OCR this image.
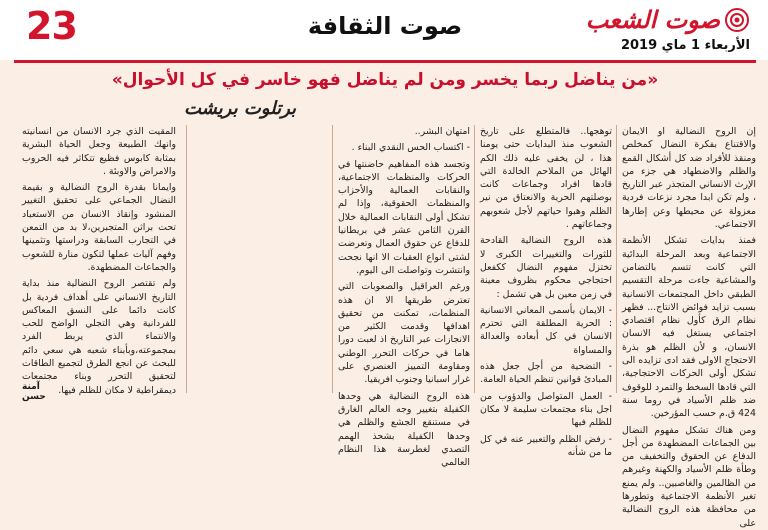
23	صوت الثقافة	صوت الشعب
الأربعاء 1 ماي 2019
«من يناضل ربما يخسر ومن لم يناضل فهو خاسر في كل الأحوال»
برتلوت بريشت

إن الروح النضالية او الايمان والاقتناع بفكرة النضال كمخلص ومنقذ للأفراد ضد كل أشكال القمع والظلم والاضطهاد هي جزء من الإرث الانساني المتجذر عبر التاريخ ، ولم تكن ابدا مجرد نزعات فردية معزولة عن محيطها وعن إطارها الاجتماعي.

فمنذ بدايات تشكل الأنظمة الاجتماعية وبعد المرحلة البدائية التي كانت تتسم بالتضامن والمشاعية جاءت مرحلة التقسيم الطبقي داخل المجتمعات الانسانية بسبب تزايد فوائض الانتاج... فظهر نظام الرق كأول نظام اقتصادي اجتماعي يستغل فيه الانسان الانسان، و لأن الظلم هو بذرة الاحتجاج الاولى فقد ادى تزايده الى تشكل أولى الحركات الاحتجاجية، التي قادها السخط والتمرد للوقوف ضد ظلم الأسياد في روما سنة 424 ق.م حسب المؤرخين.

ومن هناك تشكل مفهوم النضال بين الجماعات المضطهدة من أجل الدفاع عن الحقوق والتخفيف من وطأة ظلم الأسياد والكهنة وغيرهم من الظالمين والغاصبين.. ولم يمنع تغير الأنظمة الاجتماعية وتطورها من محافظة هذه الروح النضالية على

توهجها.. فالمتطلع على تاريخ الشعوب منذ البدايات حتى يومنا هذا ، لن يخفى عليه ذلك الكم الهائل من الملاحم الخالدة التي قادها افراد وجماعات كانت بوصلتهم الحرية والانعتاق من نير الظلم وهبوا حياتهم لأجل شعوبهم وجماعاتهم .

هذه الروح النضالية القادحة للثورات والتغييرات الكبرى لا تختزل مفهوم النضال ككفعل احتجاجي محكوم بظروف معينة في زمن معين بل هي تشمل :

- الايمان بأسمى المعاني الانسانية : الحرية المطلقة التي تحترم الانسان في كل أبعاده والعدالة والمساواة

- التضحية من أجل جعل هذه المبادئ قوانين تنظم الحياة العامة.

- العمل المتواصل والدؤوب من اجل بناء مجتمعات سليمة لا مكان للظلم فيها

- رفض الظلم والتعبير عنه في كل ما من شأنه

امتهان البشر..

- اكتساب الحس النقدي البناء .

وتجسد هذه المفاهيم حاضنتها في الحركات والمنظمات الاجتماعية، والنقابات العمالية والأحزاب والمنظمات الحقوقية، وإذا لم تشكل أولى النقابات العمالية خلال القرن الثامن عشر في بريطانيا للدفاع عن حقوق العمال وتعرضت لشتى انواع العقبات الا انها نجحت وانتشرت وتواصلت الى اليوم.

ورغم العراقيل والصعوبات التي تعترض طريقها الا ان هذه المنظمات، تمكنت من تحقيق اهدافها وقدمت الكثير من الانجازات عبر التاريخ اذ لعبت دورا هاما في حركات التحرر الوطني ومقاومة التمييز العنصري على غرار اسبانيا وجنوب افريقيا.

هذه الروح النضالية هي وحدها الكفيلة بتغيير وجه العالم الغارق في مستنقع الجشع والظلم هي وحدها الكفيلة بشحذ الهمم التصدي لغطرسة هذا النظام العالمي

المقيت الذي جرد الانسان من انسانيته وانهك الطبيعة وجعل الحياة البشرية بمثابة كابوس فظيع تتكاثر فيه الحروب والامراض والاوبئة .

وايمانا بقدرة الروح النضالية و بقيمة النضال الجماعي على تحقيق التغيير المنشود وإنقاذ الانسان من الاستعباد تحت براثن المتجبرين،لا بد من التمعن في التجارب السابقة ودراستها وتثمينها وفهم آليات عملها لتكون منارة للشعوب والجماعات المضطهدة.

ولم تقتصر الروح النضالية منذ بداية التاريخ الانساني على أهداف فردية بل كانت دائما على النسق المعاكس للفردانية وهي التجلي الواضح للحب والانتماء الذي يربط الفرد بمجموعته،وبأبناء شعبه هي سعي دائم للبحث عن انجع الطرق لتجميع الطاقات لتحقيق التحرر وبناء مجتمعات ديمقراطية لا مكان للظلم فيها.

آمنة حسن
